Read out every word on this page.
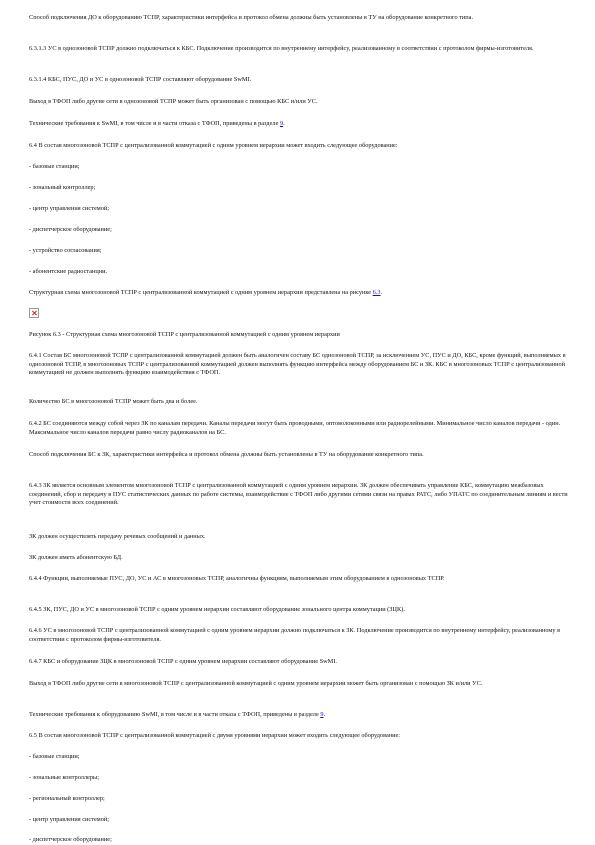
Способ подключения ДО к оборудованию ТСПР, характеристики интерфейса и протокол обмена должны быть установлены в ТУ на оборудование конкретного типа.

6.3.1.3 УС в однозоновой ТСПР должно подключаться к КБС. Подключение производится по внутреннему интерфейсу, реализованному в соответствии с протоколом фирмы-изготовителя.

6.3.1.4 КБС, ПУС, ДО и УС в однозоновой ТСПР составляют оборудование SwMI.

Выход в ТФОП либо другие сети в однозоновой ТСПР может быть организован с помощью КБС и/или УС.

Технические требования к SwMI, в том числе и в части отказа с ТФОП, приведены в разделе 9.

6.4 В состав многозоновой ТСПР с централизованной коммутацией с одним уровнем иерархии может входить следующее оборудование:

- базовые станции;

- зональный контроллер;

- центр управления системой;

- диспетчерское оборудование;

- устройство согласования;

- абонентские радиостанции.

Структурная схема многозоновой ТСПР с централизованной коммутацией с одним уровнем иерархии представлена на рисунке 6.3.

Рисунок 6.3 - Структурная схема многозоновой ТСПР с централизованной коммутацией с одним уровнем иерархии

6.4.1 Состав БС многозоновой ТСПР с централизованной коммутацией должен быть аналогичен составу БС однозоновой ТСПР, за исключением УС, ПУС и ДО, КБС, кроме функций, выполняемых в однозоновой ТСПР, в многозоновых ТСПР с централизованной коммутацией должен выполнять функцию интерфейса между оборудованием БС и ЗК. КБС в многозоновых ТСПР с централизованной коммутацией не должен выполнять функцию взаимодействия с ТФОП.

Количество БС в многозоновой ТСПР может быть два и более.

6.4.2 БС соединяются между собой через ЗК по каналам передачи. Каналы передачи могут быть проводными, оптоволоконными или радиорелейными. Минимальное число каналов передачи - один. Максимальное число каналов передачи равно числу радиоканалов на БС.

Способ подключения БС к ЗК, характеристики интерфейса и протокол обмена должны быть установлены в ТУ на оборудование конкретного типа.

6.4.3 ЗК является основным элементом многозоновой ТСПР с централизованной коммутацией с одним уровнем иерархии. ЗК должен обеспечивать управление КБС, коммутацию межбазовых соединений, сбор и передачу в ПУС статистических данных по работе системы, взаимодействие с ТФОП либо другими сетями связи на правах РАТС, либо УПАТС по соединительным линиям и вести учет стоимости всех соединений.

ЗК должен осуществлять передачу речевых сообщений и данных.

ЗК должен иметь абонентскую БД.

6.4.4 Функции, выполняемые ПУС, ДО, УС и АС в многозоновых ТСПР, аналогичны функциям, выполняемым этим оборудованием в однозоновых ТСПР.

6.4.5 ЗК, ПУС, ДО и УС в многозоновой ТСПР с одним уровнем иерархии составляют оборудование зонального центра коммутации (ЗЦК).

6.4.6 УС в многозоновой ТСПР с централизованной коммутацией с одним уровнем иерархии должно подключаться к ЗК. Подключение производится по внутреннему интерфейсу, реализованному в соответствии с протоколом фирмы-изготовителя.

6.4.7 КБС и оборудование ЗЦК в многозоновой ТСПР с одним уровнем иерархии составляют оборудование SwMI.

Выход в ТФОП либо другие сети в многозоновой ТСПР с централизованной коммутацией с одним уровнем иерархии может быть организован с помощью ЗК и/или УС.

Технические требования к оборудованию SwMI, в том числе и в части отказа с ТФОП, приведены в разделе 9.

6.5 В состав многозоновой ТСПР с централизованной коммутацией с двумя уровнями иерархии может входить следующее оборудование:

- базовые станции;

- зональные контроллеры;

- региональный контроллер;

- центр управления системой;

- диспетчерское оборудование;
